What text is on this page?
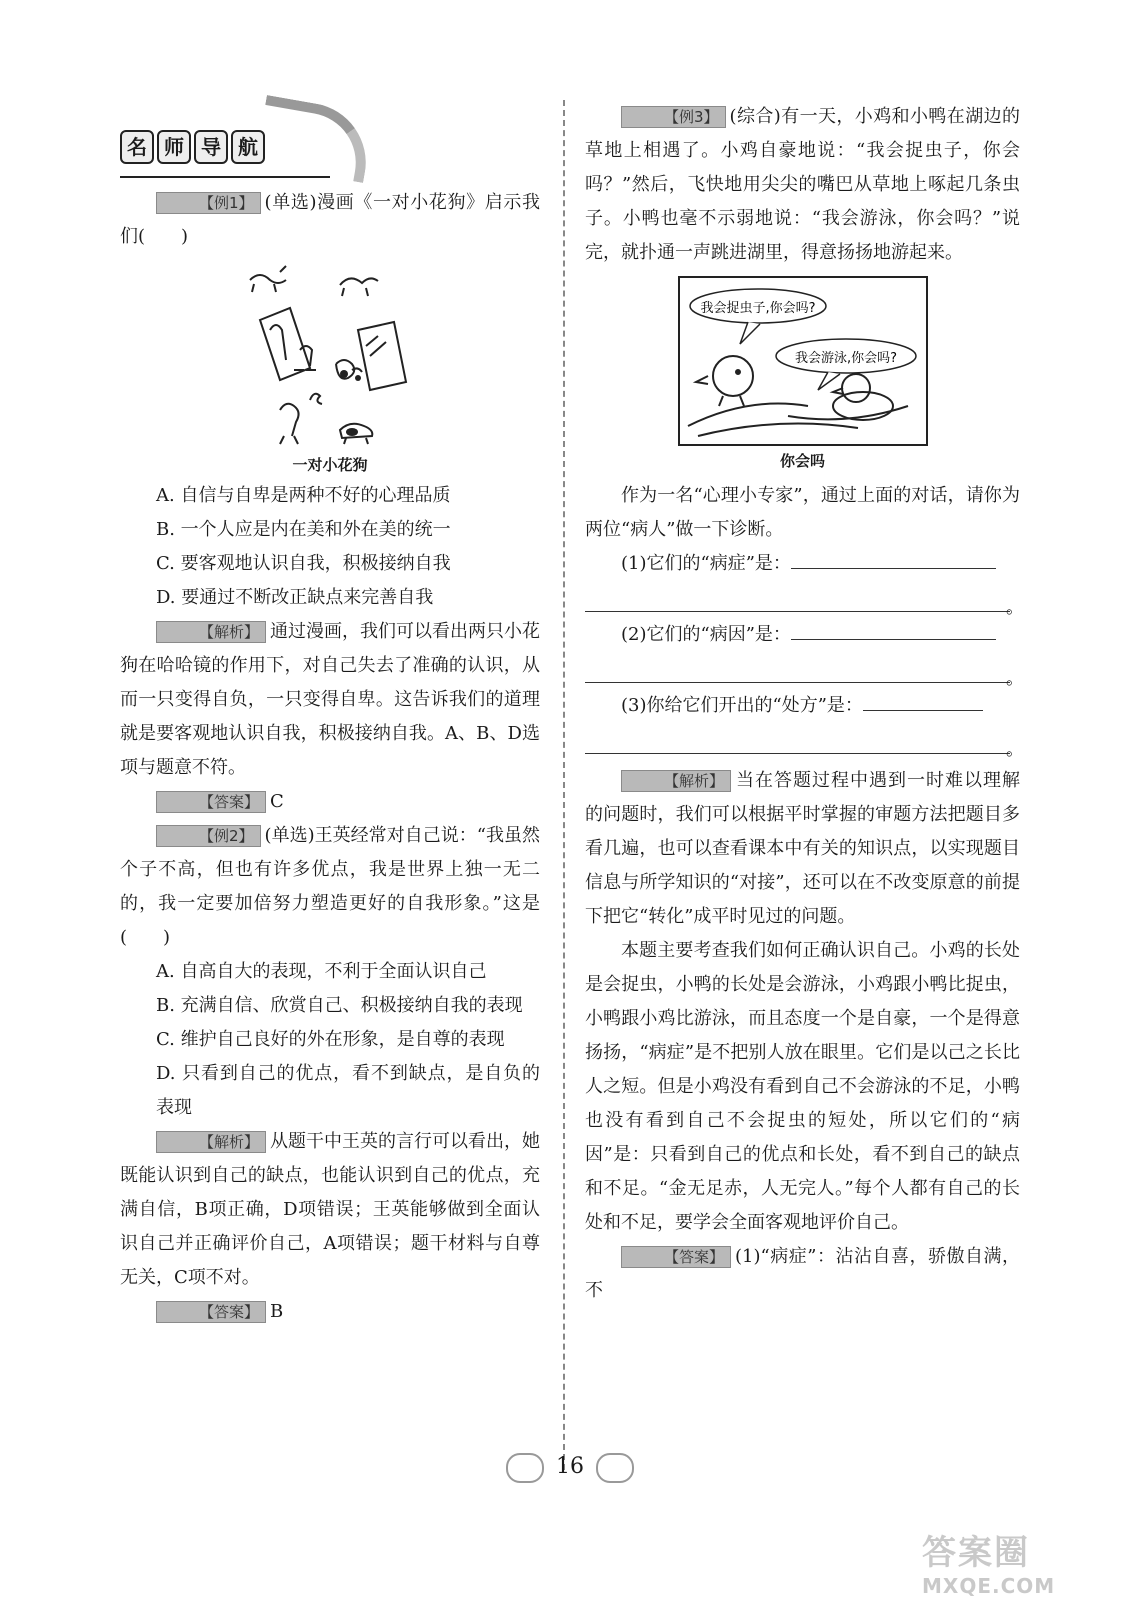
名 师 导 航

【例1】 (单选)漫画《一对小花狗》启示我们(　　)

一对小花狗

A. 自信与自卑是两种不好的心理品质

B. 一个人应是内在美和外在美的统一

C. 要客观地认识自我，积极接纳自我

D. 要通过不断改正缺点来完善自我

【解析】 通过漫画，我们可以看出两只小花狗在哈哈镜的作用下，对自己失去了准确的认识，从而一只变得自负，一只变得自卑。这告诉我们的道理就是要客观地认识自我，积极接纳自我。A、B、D选项与题意不符。

【答案】 C

【例2】 (单选)王英经常对自己说：“我虽然个子不高，但也有许多优点，我是世界上独一无二的，我一定要加倍努力塑造更好的自我形象。”这是(　　)

A. 自高自大的表现，不利于全面认识自己

B. 充满自信、欣赏自己、积极接纳自我的表现

C. 维护自己良好的外在形象，是自尊的表现

D. 只看到自己的优点，看不到缺点，是自负的表现

【解析】 从题干中王英的言行可以看出，她既能认识到自己的缺点，也能认识到自己的优点，充满自信，B项正确，D项错误；王英能够做到全面认识自己并正确评价自己，A项错误；题干材料与自尊无关，C项不对。

【答案】 B

【例3】 (综合)有一天，小鸡和小鸭在湖边的草地上相遇了。小鸡自豪地说：“我会捉虫子，你会吗？”然后，飞快地用尖尖的嘴巴从草地上啄起几条虫子。小鸭也毫不示弱地说：“我会游泳，你会吗？”说完，就扑通一声跳进湖里，得意扬扬地游起来。

我会捉虫子,你会吗?
我会游泳,你会吗?
你会吗

作为一名“心理小专家”，通过上面的对话，请你为两位“病人”做一下诊断。

(1)它们的“病症”是：

。

(2)它们的“病因”是：

。

(3)你给它们开出的“处方”是：

。

【解析】 当在答题过程中遇到一时难以理解的问题时，我们可以根据平时掌握的审题方法把题目多看几遍，也可以查看课本中有关的知识点，以实现题目信息与所学知识的“对接”，还可以在不改变原意的前提下把它“转化”成平时见过的问题。

本题主要考查我们如何正确认识自己。小鸡的长处是会捉虫，小鸭的长处是会游泳，小鸡跟小鸭比捉虫，小鸭跟小鸡比游泳，而且态度一个是自豪，一个是得意扬扬，“病症”是不把别人放在眼里。它们是以己之长比人之短。但是小鸡没有看到自己不会游泳的不足，小鸭也没有看到自己不会捉虫的短处，所以它们的“病因”是：只看到自己的优点和长处，看不到自己的缺点和不足。“金无足赤，人无完人。”每个人都有自己的长处和不足，要学会全面客观地评价自己。

【答案】 (1)“病症”：沾沾自喜，骄傲自满，不

16
答案圈
MXQE.COM
